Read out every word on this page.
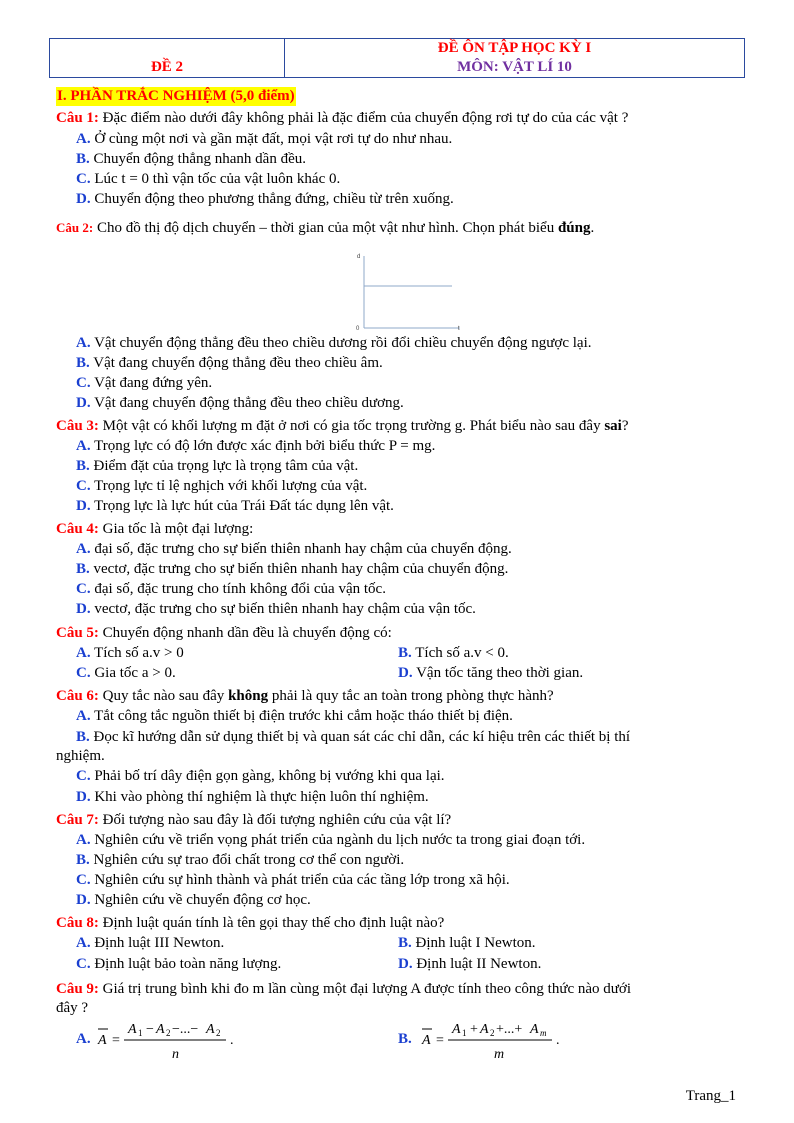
ĐỀ 2
ĐỀ ÔN TẬP HỌC KỲ I
MÔN: VẬT LÍ 10
I. PHẦN TRẮC NGHIỆM (5,0 điểm)
Câu 1: Đặc điểm nào dưới đây không phải là đặc điểm của chuyển động rơi tự do của các vật ?
A. Ở cùng một nơi và gần mặt đất, mọi vật rơi tự do như nhau.
B. Chuyển động thẳng nhanh dần đều.
C. Lúc t = 0 thì vận tốc của vật luôn khác 0.
D. Chuyển động theo phương thẳng đứng, chiều từ trên xuống.
Câu 2: Cho đồ thị độ dịch chuyển – thời gian của một vật như hình. Chọn phát biểu đúng.
d
t
0
A. Vật chuyển động thẳng đều theo chiều dương rồi đổi chiều chuyển động ngược lại.
B. Vật đang chuyển động thẳng đều theo chiều âm.
C. Vật đang đứng yên.
D. Vật đang chuyển động thẳng đều theo chiều dương.
Câu 3: Một vật có khối lượng m đặt ở nơi có gia tốc trọng trường g. Phát biểu nào sau đây sai?
A. Trọng lực có độ lớn được xác định bởi biểu thức P = mg.
B. Điểm đặt của trọng lực là trọng tâm của vật.
C. Trọng lực tỉ lệ nghịch với khối lượng của vật.
D. Trọng lực là lực hút của Trái Đất tác dụng lên vật.
Câu 4: Gia tốc là một đại lượng:
A. đại số, đặc trưng cho sự biến thiên nhanh hay chậm của chuyển động.
B. vectơ, đặc trưng cho sự biến thiên nhanh hay chậm của chuyển động.
C. đại số, đặc trung cho tính không đổi của vận tốc.
D. vectơ, đặc trưng cho sự biến thiên nhanh hay chậm của vận tốc.
Câu 5: Chuyển động nhanh dần đều là chuyển động có:
A. Tích số a.v > 0	B. Tích số a.v < 0.
C. Gia tốc a > 0.	D. Vận tốc tăng theo thời gian.
Câu 6: Quy tắc nào sau đây không phải là quy tắc an toàn trong phòng thực hành?
A. Tắt công tắc nguồn thiết bị điện trước khi cắm hoặc tháo thiết bị điện.
B. Đọc kĩ hướng dẫn sử dụng thiết bị và quan sát các chỉ dẫn, các kí hiệu trên các thiết bị thí
nghiệm.
C. Phải bố trí dây điện gọn gàng, không bị vướng khi qua lại.
D. Khi vào phòng thí nghiệm là thực hiện luôn thí nghiệm.
Câu 7: Đối tượng nào sau đây là đối tượng nghiên cứu của vật lí?
A. Nghiên cứu về triển vọng phát triển của ngành du lịch nước ta trong giai đoạn tới.
B. Nghiên cứu sự trao đổi chất trong cơ thể con người.
C. Nghiên cứu sự hình thành và phát triển của các tầng lớp trong xã hội.
D. Nghiên cứu về chuyển động cơ học.
Câu 8: Định luật quán tính là tên gọi thay thế cho định luật nào?
A. Định luật III Newton.	B. Định luật I Newton.
C. Định luật bảo toàn năng lượng.	D. Định luật II Newton.
Câu 9: Giá trị trung bình khi đo m lần cùng một đại lượng A được tính theo công thức nào dưới
đây ?
A. A =
A 1 − A 2 −...− A 2
n
.	B. A =
A 1 + A 2 +...+ A m
m
.
Trang_1
